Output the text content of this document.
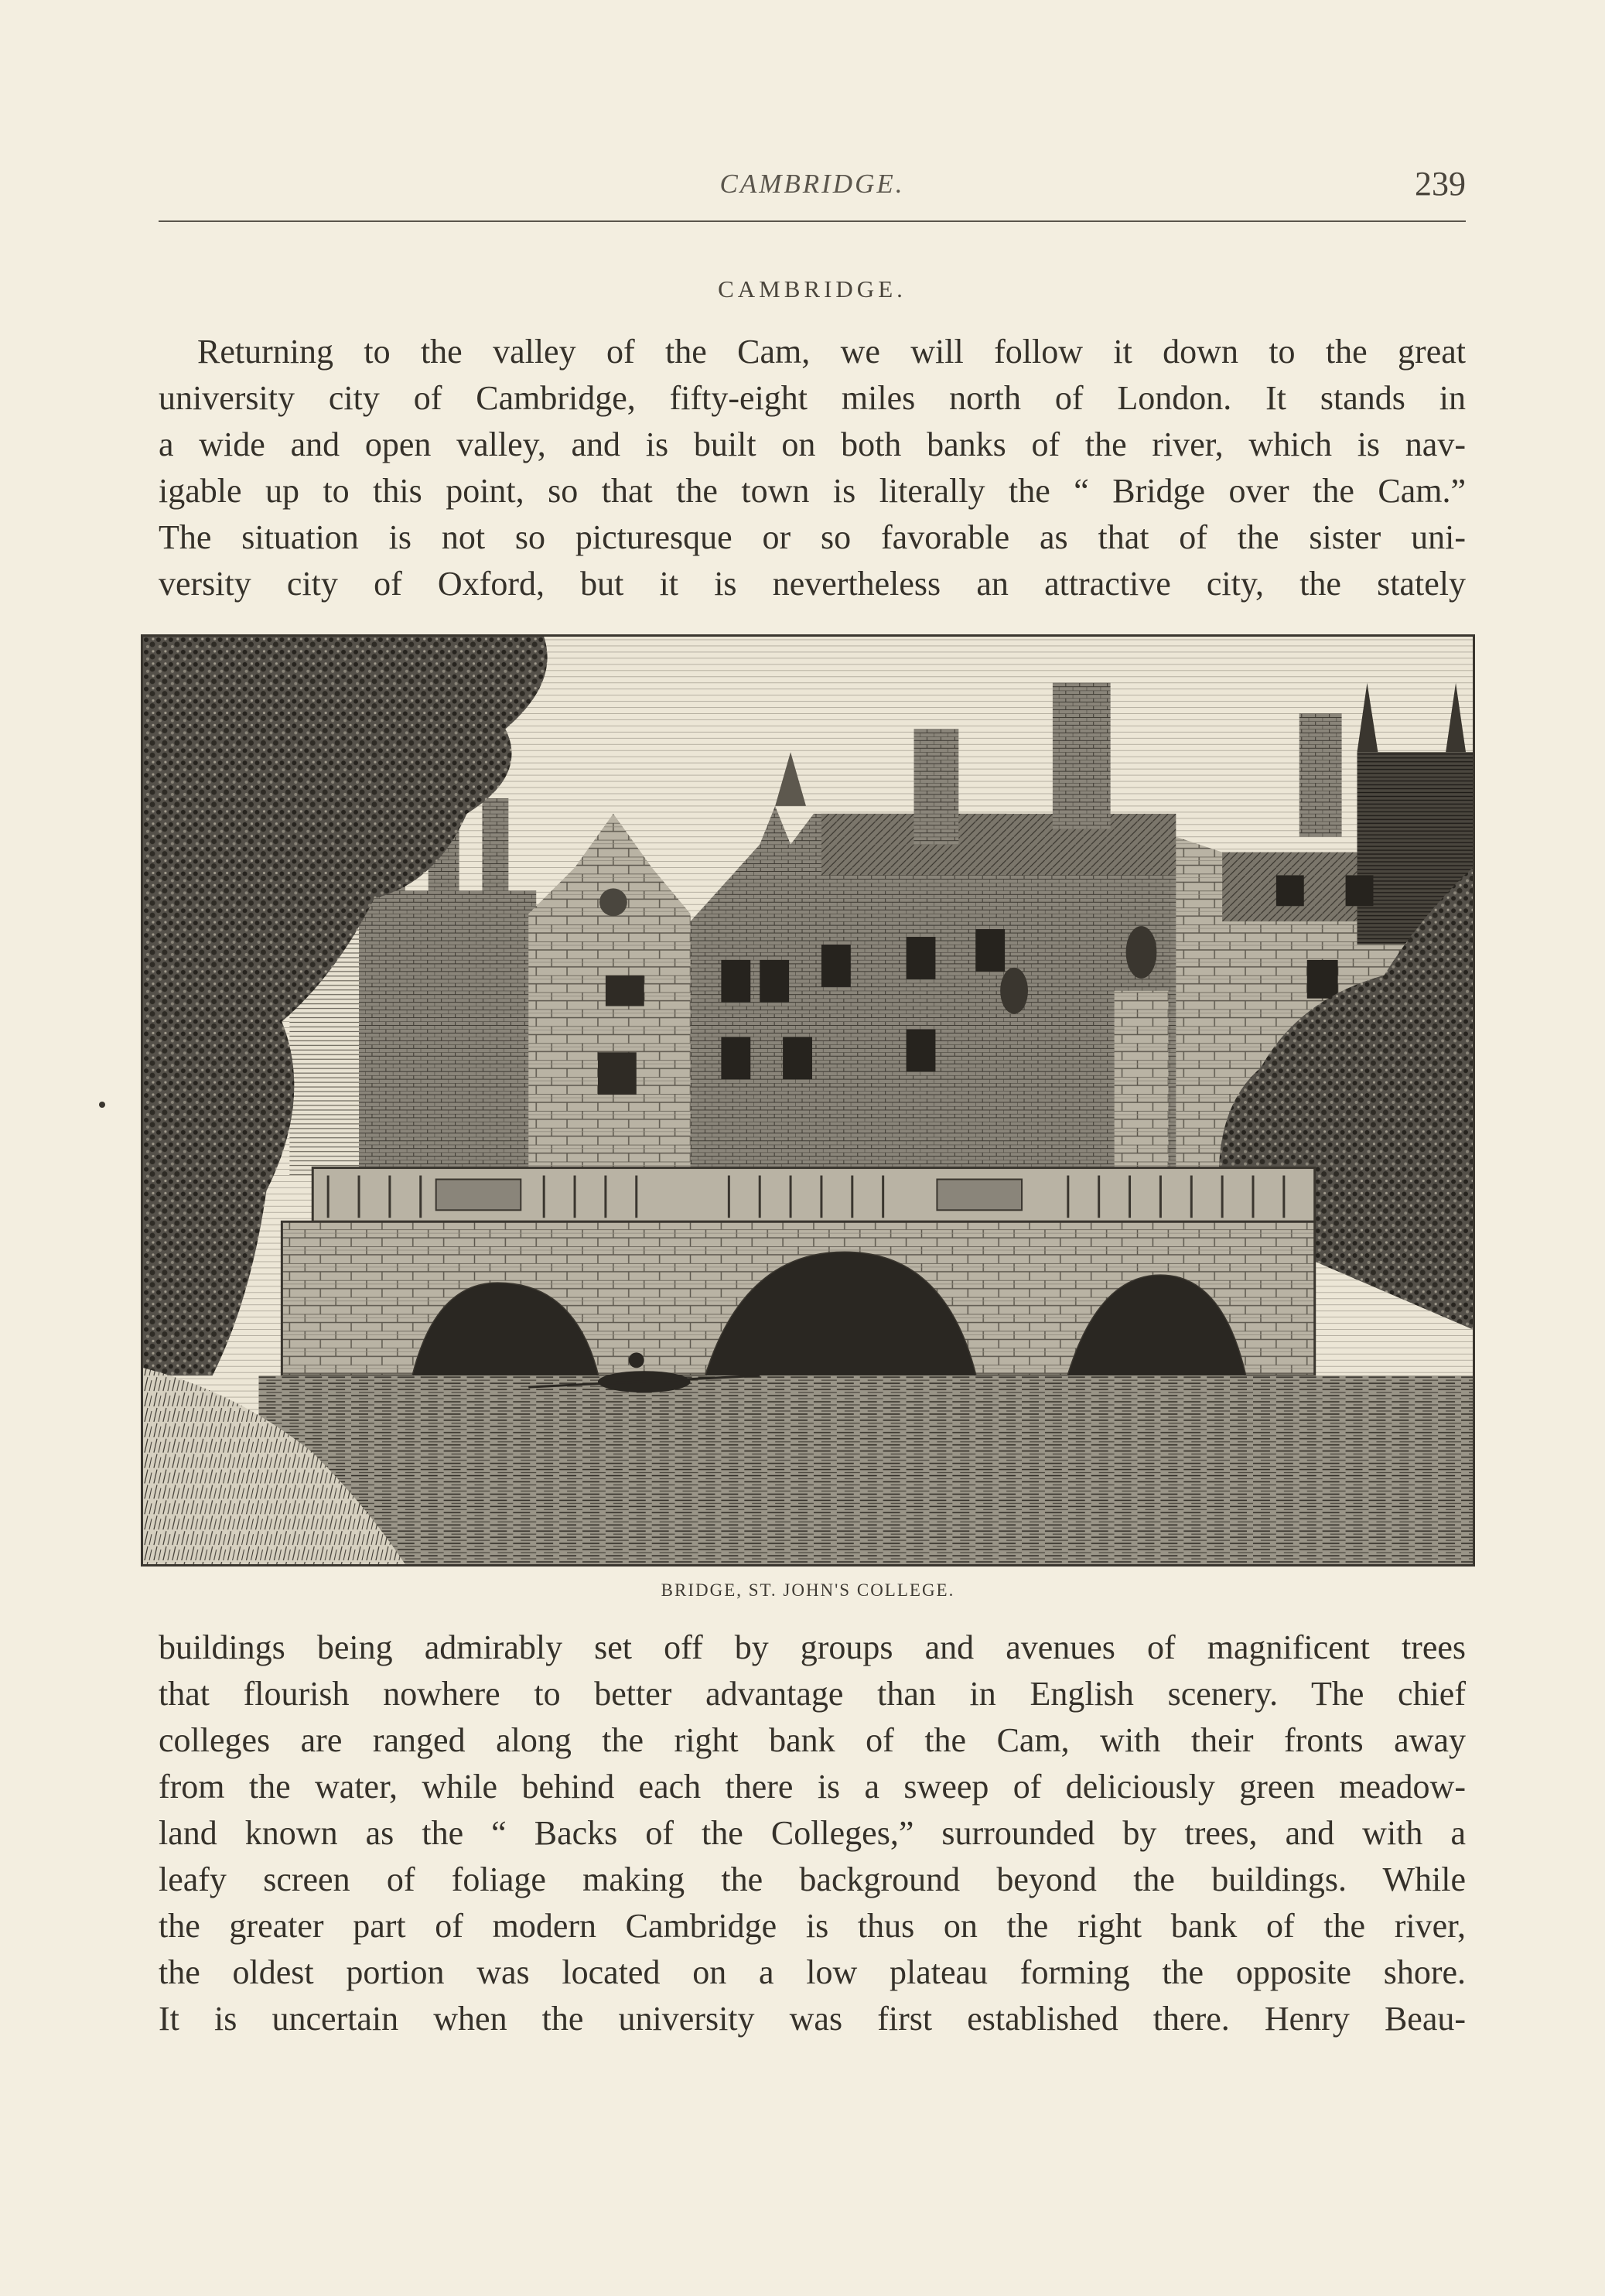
CAMBRIDGE.	239
CAMBRIDGE.
Returning to the valley of the Cam, we will follow it down to the great
university city of Cambridge, fifty-eight miles north of London. It stands in
a wide and open valley, and is built on both banks of the river, which is nav-
igable up to this point, so that the town is literally the “ Bridge over the Cam.”
The situation is not so picturesque or so favorable as that of the sister uni-
versity city of Oxford, but it is nevertheless an attractive city, the stately
BRIDGE, ST. JOHN'S COLLEGE.
buildings being admirably set off by groups and avenues of magnificent trees
that flourish nowhere to better advantage than in English scenery. The chief
colleges are ranged along the right bank of the Cam, with their fronts away
from the water, while behind each there is a sweep of deliciously green meadow-
land known as the “ Backs of the Colleges,” surrounded by trees, and with a
leafy screen of foliage making the background beyond the buildings. While
the greater part of modern Cambridge is thus on the right bank of the river,
the oldest portion was located on a low plateau forming the opposite shore.
It is uncertain when the university was first established there. Henry Beau-
